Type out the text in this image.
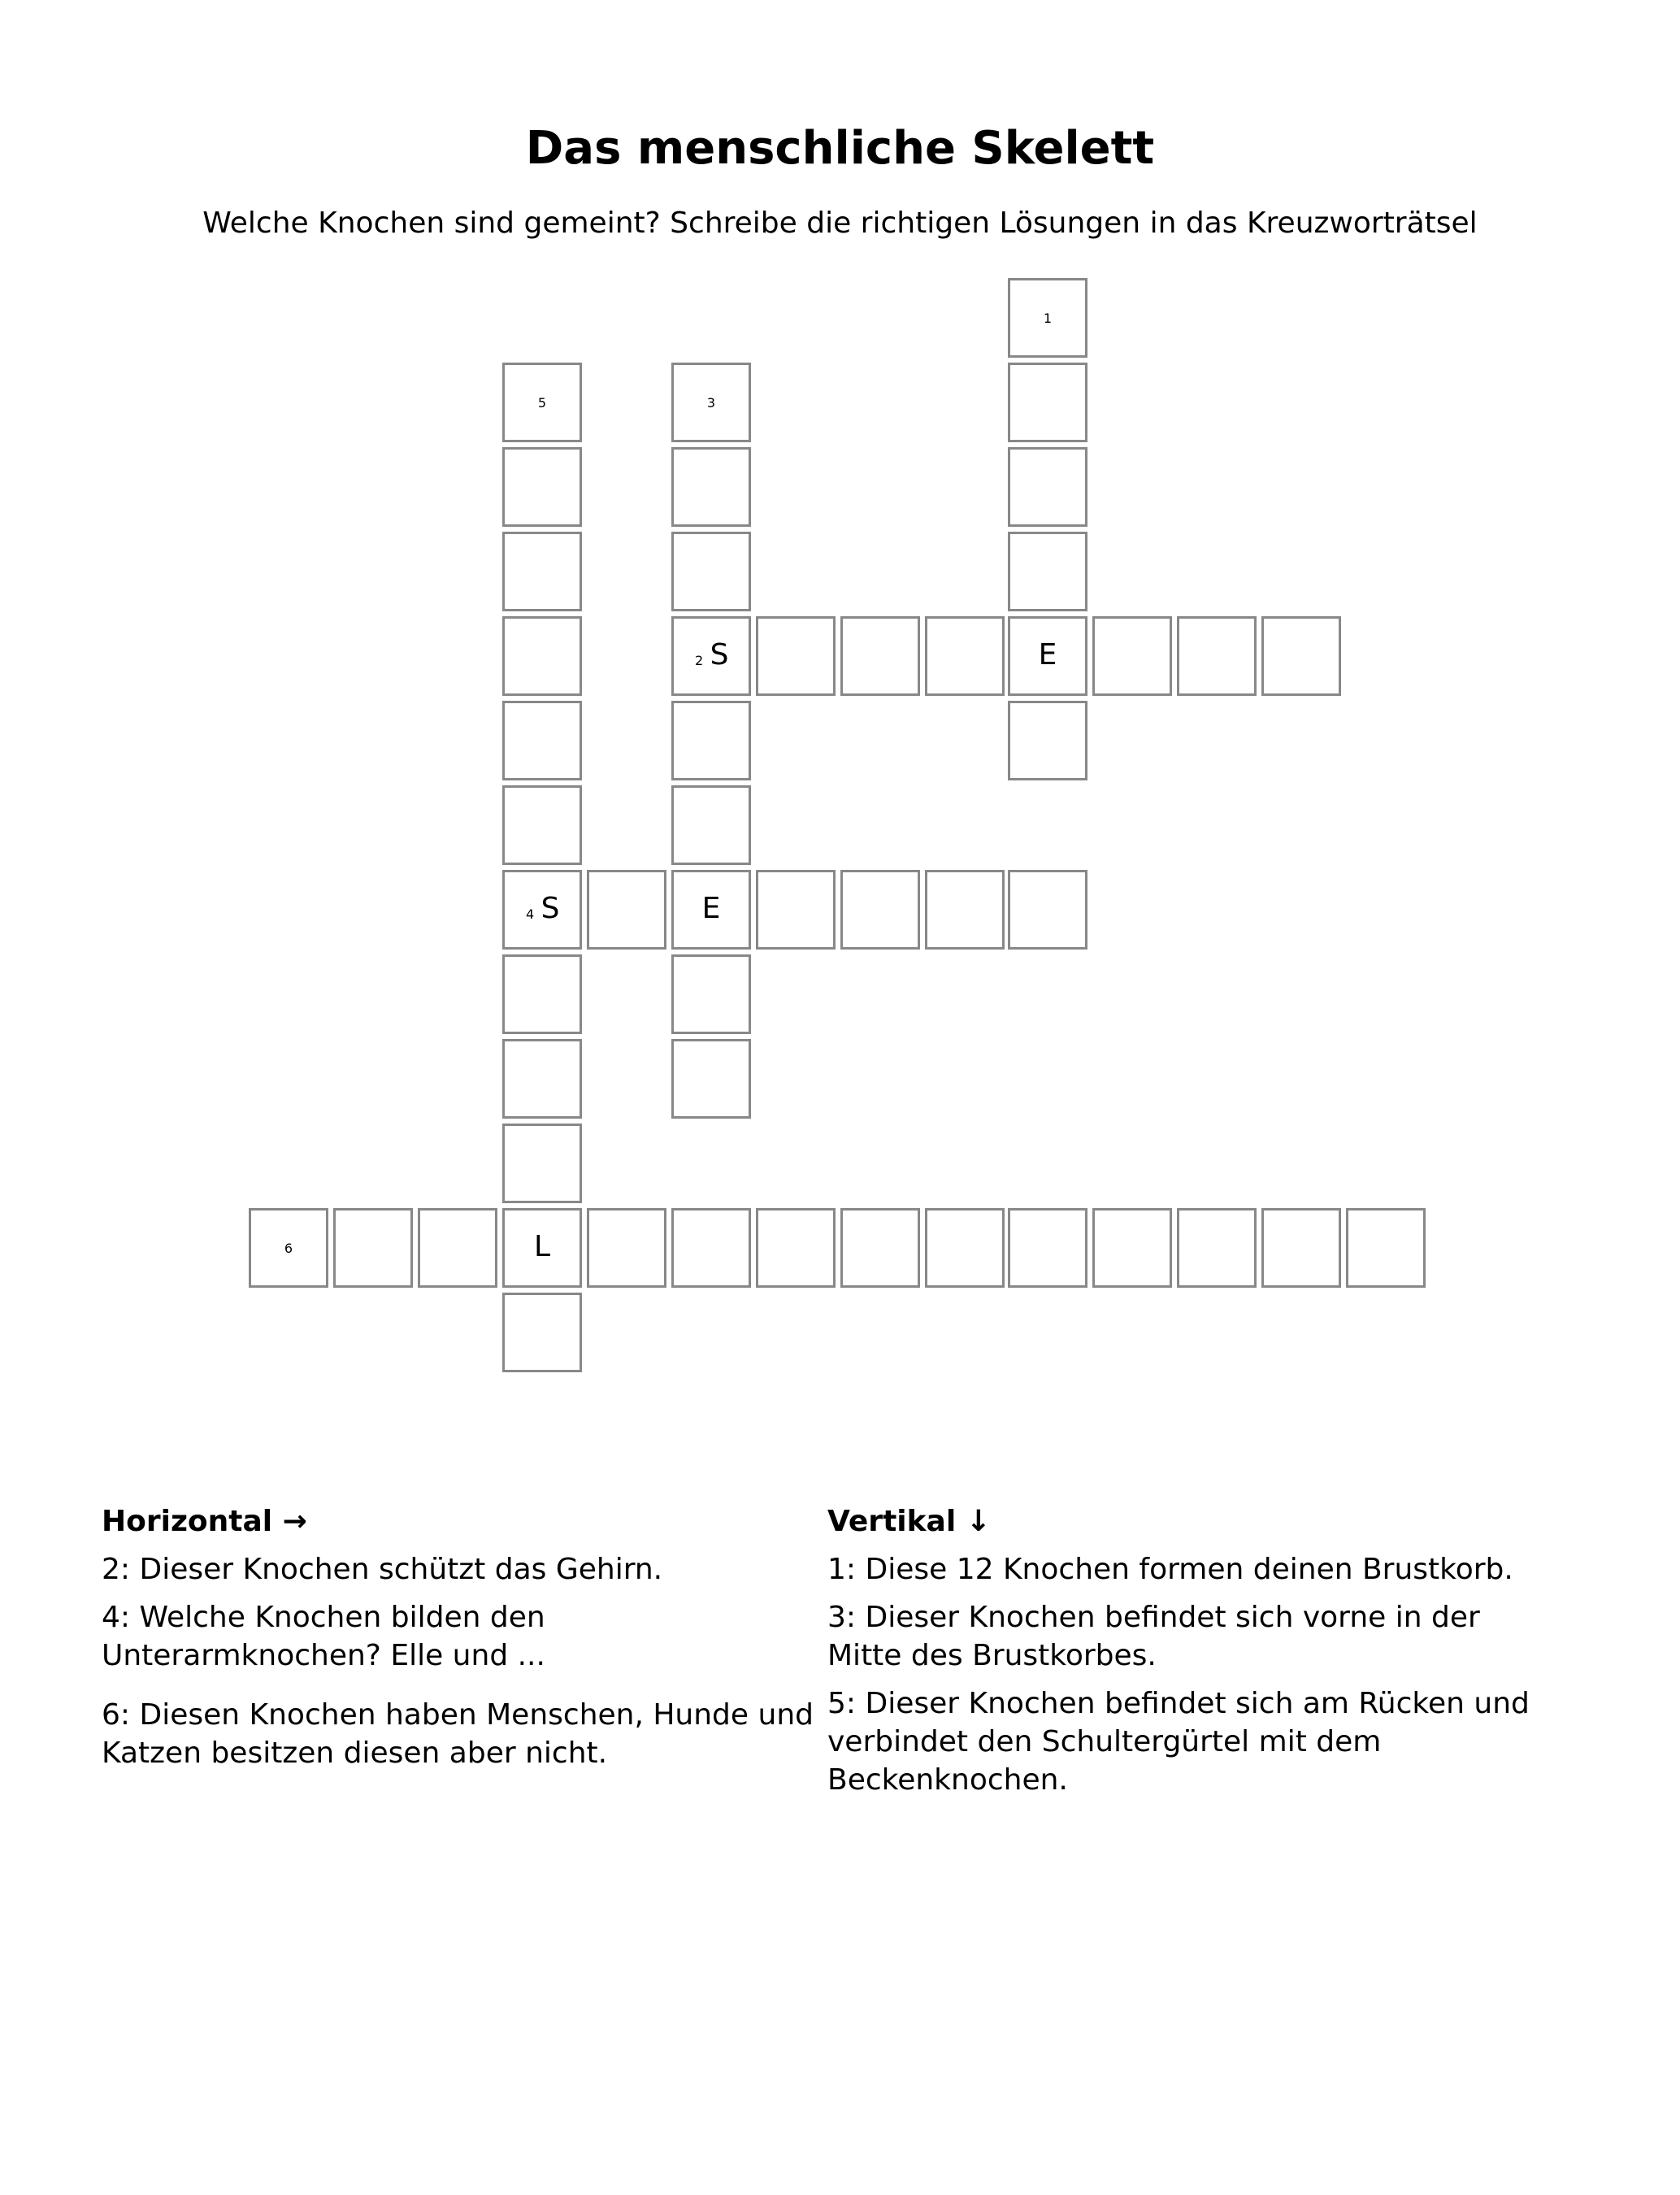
Das menschliche Skelett
Welche Knochen sind gemeint? Schreibe die richtigen Lösungen in das Kreuzworträtsel
1
5	3
2 S	E
4 S	E
6	L
Horizontal →
2: Dieser Knochen schützt das Gehirn.
4: Welche Knochen bilden den Unterarmknochen? Elle und ...
6: Diesen Knochen haben Menschen, Hunde und Katzen besitzen diesen aber nicht.
Vertikal ↓
1: Diese 12 Knochen formen deinen Brustkorb.
3: Dieser Knochen befindet sich vorne in der Mitte des Brustkorbes.
5: Dieser Knochen befindet sich am Rücken und verbindet den Schultergürtel mit dem Beckenknochen.
